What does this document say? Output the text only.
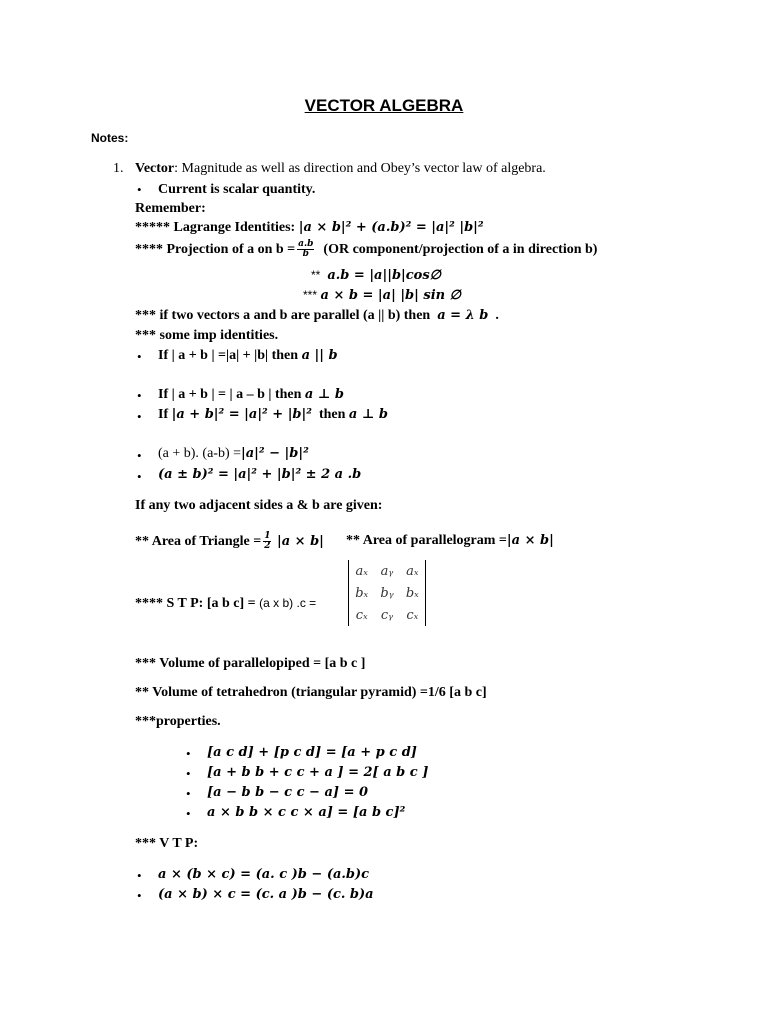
VECTOR ALGEBRA
Notes:
1. Vector: Magnitude as well as direction and Obey’s vector law of algebra.
• Current is scalar quantity.
Remember:
***** Lagrange Identities: |a × b|² + (a.b)² = |a|² |b|²
**** Projection of a on $b = \frac{a.b}{b} (OR$ component/projection of a in direction b)
** a.b = |a||b|cos∅
*** a × b = |a| |b| sin ∅
*** if two vectors a and b are parallel (a || b) then a = λ b .
*** some imp identities.
• If | a + b | =|a| + |b| then a || b
• If | a + b | = | a – b | then a ⊥ b
• If |a + b|² = |a|² + |b|² then a ⊥ b
• (a + b). (a-b) =|a|² − |b|²
• (a ± b)² = |a|² + |b|² ± 2 a .b
If any two adjacent sides a & b are given:
** Area of Triangle = $\frac{1}{2} |a \times b|$ ** Area of parallelogram =|a × b|
**** S T P: [a b c] = (a x b) .c =
aₓ aᵧ aₓ
bₓ bᵧ bₓ
cₓ	cᵧ	cₓ
*** Volume of parallelopiped = [a b c ]
** Volume of tetrahedron (triangular pyramid) =1/6 [a b c]
***properties.
• [a c d] + [p c d] = [a + p c d]
• [a + b b + c c + a ] = 2[ a b c ]
• [a − b b − c c − a] = 0
• a × b b × c c × a] = [a b c]²
*** V T P:
• a × (b × c) = (a. c )b − (a.b)c
• (a × b) × c = (c. a )b − (c. b)a
